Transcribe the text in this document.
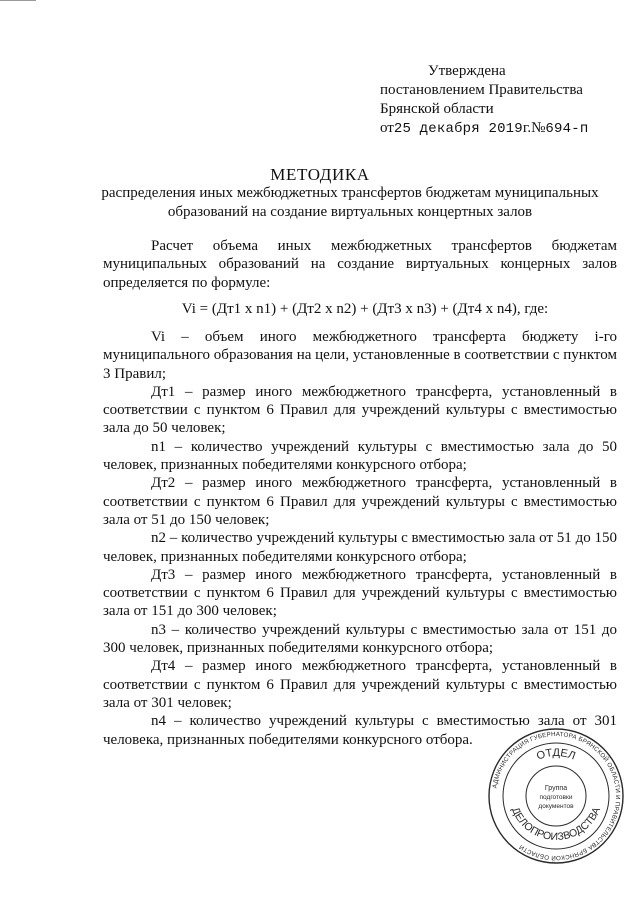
Утверждена
постановлением Правительства
Брянской области
от25 декабря 2019г.№694-п
МЕТОДИКА
распределения иных межбюджетных трансфертов бюджетам муниципальных образований на создание виртуальных концертных залов

Расчет объема иных межбюджетных трансфертов бюджетам муниципальных образований на создание виртуальных концерных залов определяется по формуле:

Vi = (Дт1 x n1) + (Дт2 x n2) + (Дт3 x n3) + (Дт4 x n4), где:

Vi – объем иного межбюджетного трансферта бюджету i-го муниципального образования на цели, установленные в соответствии с пунктом 3 Правил;

Дт1 – размер иного межбюджетного трансферта, установленный в соответствии с пунктом 6 Правил для учреждений культуры с вместимостью зала до 50 человек;

n1 – количество учреждений культуры с вместимостью зала до 50 человек, признанных победителями конкурсного отбора;

Дт2 – размер иного межбюджетного трансферта, установленный в соответствии с пунктом 6 Правил для учреждений культуры с вместимостью зала от 51 до 150 человек;

n2 – количество учреждений культуры с вместимостью зала от 51 до 150 человек, признанных победителями конкурсного отбора;

Дт3 – размер иного межбюджетного трансферта, установленный в соответствии с пунктом 6 Правил для учреждений культуры с вместимостью зала от 151 до 300 человек;

n3 – количество учреждений культуры с вместимостью зала от 151 до 300 человек, признанных победителями конкурсного отбора;

Дт4 – размер иного межбюджетного трансферта, установленный в соответствии с пунктом 6 Правил для учреждений культуры с вместимостью зала от 301 человек;

n4 – количество учреждений культуры с вместимостью зала от 301 человека, признанных победителями конкурсного отбора.

АДМИНИСТРАЦИЯ ГУБЕРНАТОРА БРЯНСКОЙ ОБЛАСТИ И ПРАВИТЕЛЬСТВА БРЯНСКОЙ ОБЛАСТИ
ОТДЕЛ
ДЕЛОПРОИЗВОДСТВА
Группа
подготовки
документов
